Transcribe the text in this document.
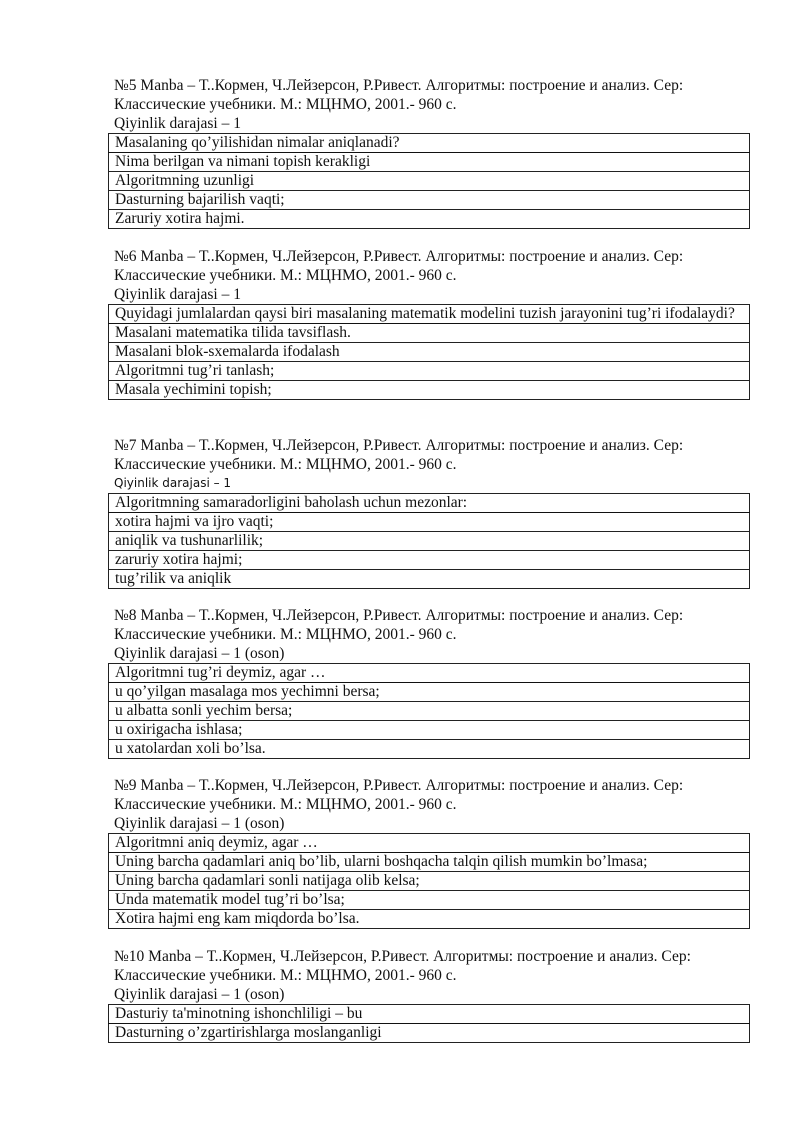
№5 Manba – Т..Кормен, Ч.Лейзерсон, Р.Ривест. Алгоритмы: построение и анализ. Сер: Классические учебники. М.: МЦНМО, 2001.- 960 с.

Qiyinlik darajasi – 1

Masalaning qo’yilishidan nimalar aniqlanadi?
Nima berilgan va nimani topish kerakligi
Algoritmning uzunligi
Dasturning bajarilish vaqti;
Zaruriy xotira hajmi.

№6 Manba – Т..Кормен, Ч.Лейзерсон, Р.Ривест. Алгоритмы: построение и анализ. Сер: Классические учебники. М.: МЦНМО, 2001.- 960 с.

Qiyinlik darajasi – 1

Quyidagi jumlalardan qaysi biri masalaning matematik modelini tuzish jarayonini tug’ri ifodalaydi?
Masalani matematika tilida tavsiflash.
Masalani blok-sxemalarda ifodalash
Algoritmni tug’ri tanlash;
Masala yechimini topish;

№7 Manba – Т..Кормен, Ч.Лейзерсон, Р.Ривест. Алгоритмы: построение и анализ. Сер: Классические учебники. М.: МЦНМО, 2001.- 960 с.

Qiyinlik darajasi – 1

Algoritmning samaradorligini baholash uchun mezonlar:
xotira hajmi va ijro vaqti;
aniqlik va tushunarlilik;
zaruriy xotira hajmi;
tug’rilik va aniqlik

№8 Manba – Т..Кормен, Ч.Лейзерсон, Р.Ривест. Алгоритмы: построение и анализ. Сер: Классические учебники. М.: МЦНМО, 2001.- 960 с.

Qiyinlik darajasi – 1 (oson)

Algoritmni tug’ri deymiz, agar …
u qo’yilgan masalaga mos yechimni bersa;
u albatta sonli yechim bersa;
u oxirigacha ishlasa;
u xatolardan xoli bo’lsa.

№9 Manba – Т..Кормен, Ч.Лейзерсон, Р.Ривест. Алгоритмы: построение и анализ. Сер: Классические учебники. М.: МЦНМО, 2001.- 960 с.

Qiyinlik darajasi – 1 (oson)

Algoritmni aniq deymiz, agar …
Uning barcha qadamlari aniq bo’lib, ularni boshqacha talqin qilish mumkin bo’lmasa;
Uning barcha qadamlari sonli natijaga olib kelsa;
Unda matematik model tug’ri bo’lsa;
Xotira hajmi eng kam miqdorda bo’lsa.

№10 Manba – Т..Кормен, Ч.Лейзерсон, Р.Ривест. Алгоритмы: построение и анализ. Сер: Классические учебники. М.: МЦНМО, 2001.- 960 с.

Qiyinlik darajasi – 1 (oson)

Dasturiy ta'minotning ishonchliligi – bu
Dasturning o’zgartirishlarga moslanganligi
